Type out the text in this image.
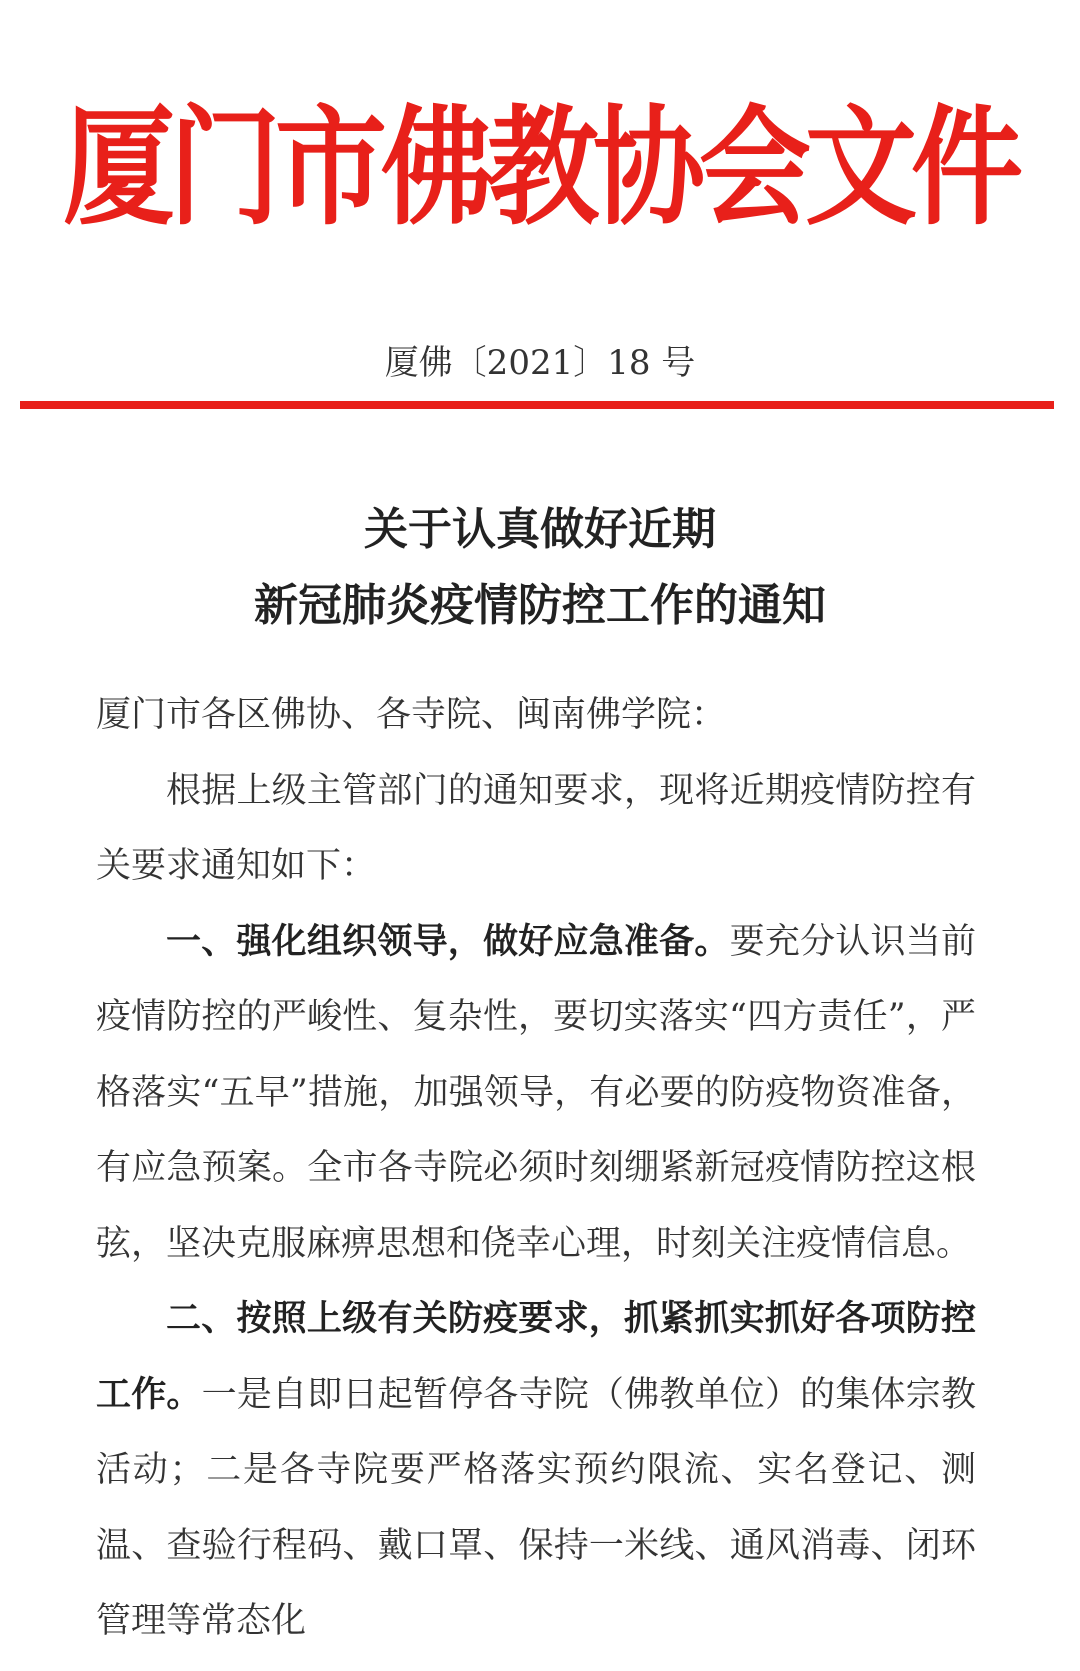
厦门市佛教协会文件
厦佛〔2021〕18 号
关于认真做好近期
新冠肺炎疫情防控工作的通知

厦门市各区佛协、各寺院、闽南佛学院：

根据上级主管部门的通知要求，现将近期疫情防控有关要求通知如下：

一、强化组织领导，做好应急准备。要充分认识当前疫情防控的严峻性、复杂性，要切实落实“四方责任”，严格落实“五早”措施，加强领导，有必要的防疫物资准备，有应急预案。全市各寺院必须时刻绷紧新冠疫情防控这根弦，坚决克服麻痹思想和侥幸心理，时刻关注疫情信息。

二、按照上级有关防疫要求，抓紧抓实抓好各项防控工作。一是自即日起暂停各寺院（佛教单位）的集体宗教活动；二是各寺院要严格落实预约限流、实名登记、测温、查验行程码、戴口罩、保持一米线、通风消毒、闭环管理等常态化
